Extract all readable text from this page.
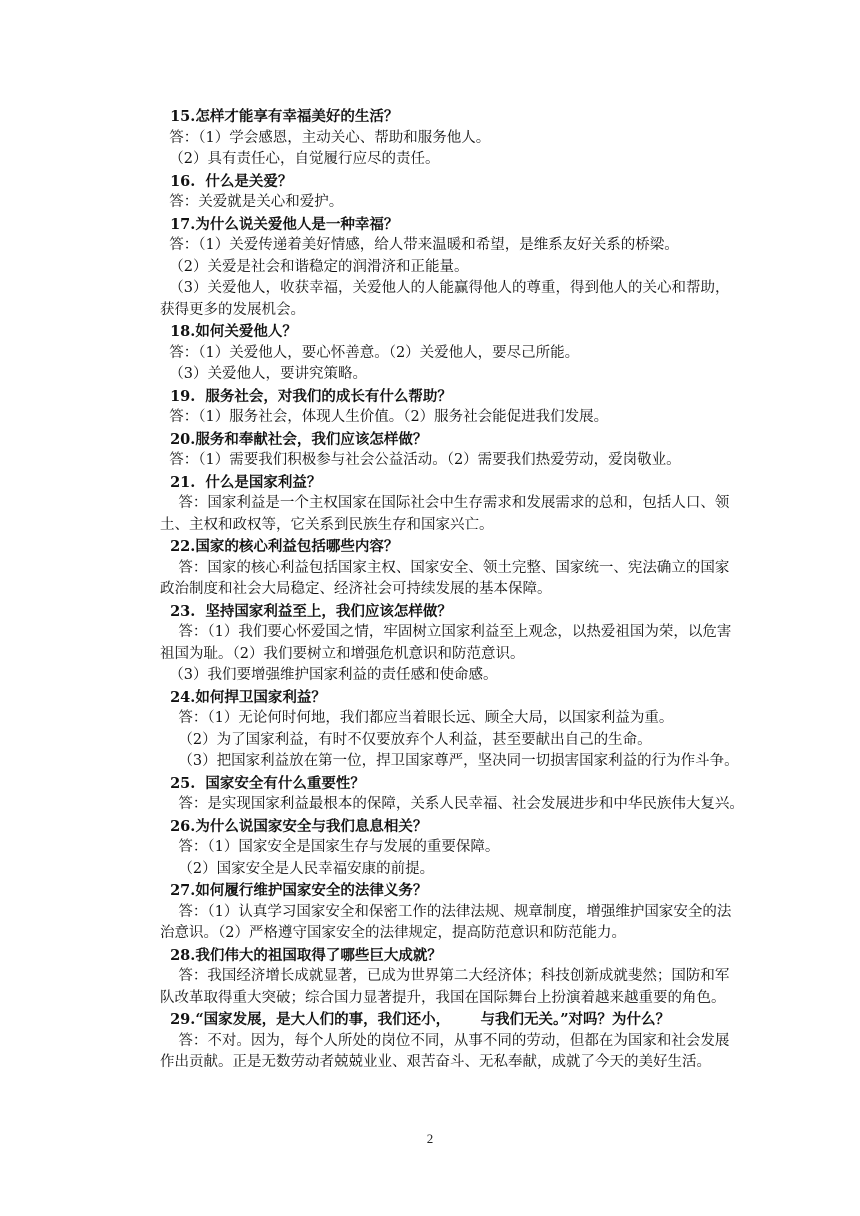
15.怎样才能享有幸福美好的生活？
答：（1）学会感恩，主动关心、帮助和服务他人。
（2）具有责任心，自觉履行应尽的责任。
16.  什么是关爱？
答：关爱就是关心和爱护。
17.为什么说关爱他人是一种幸福？
答：（1）关爱传递着美好情感，给人带来温暖和希望，是维系友好关系的桥梁。
（2）关爱是社会和谐稳定的润滑济和正能量。
（3）关爱他人，收获幸福，关爱他人的人能赢得他人的尊重，得到他人的关心和帮助，
获得更多的发展机会。
18.如何关爱他人？
答：（1）关爱他人，要心怀善意。（2）关爱他人，要尽己所能。
（3）关爱他人，要讲究策略。
19.  服务社会，对我们的成长有什么帮助？
答：（1）服务社会，体现人生价值。（2）服务社会能促进我们发展。
20.服务和奉献社会，我们应该怎样做？
答：（1）需要我们积极参与社会公益活动。（2）需要我们热爱劳动，爱岗敬业。
21.  什么是国家利益？
答：国家利益是一个主权国家在国际社会中生存需求和发展需求的总和，包括人口、领
土、主权和政权等，它关系到民族生存和国家兴亡。
22.国家的核心利益包括哪些内容？
答：国家的核心利益包括国家主权、国家安全、领土完整、国家统一、宪法确立的国家
政治制度和社会大局稳定、经济社会可持续发展的基本保障。
23.  坚持国家利益至上，我们应该怎样做？
答：（1）我们要心怀爱国之情，牢固树立国家利益至上观念，以热爱祖国为荣，以危害
祖国为耻。（2）我们要树立和增强危机意识和防范意识。
（3）我们要增强维护国家利益的责任感和使命感。
24.如何捍卫国家利益？
答：（1）无论何时何地，我们都应当着眼长远、顾全大局，以国家利益为重。
（2）为了国家利益，有时不仅要放弃个人利益，甚至要献出自己的生命。
（3）把国家利益放在第一位，捍卫国家尊严，坚决同一切损害国家利益的行为作斗争。
25.  国家安全有什么重要性？
答：是实现国家利益最根本的保障，关系人民幸福、社会发展进步和中华民族伟大复兴。
26.为什么说国家安全与我们息息相关？
答：（1）国家安全是国家生存与发展的重要保障。
（2）国家安全是人民幸福安康的前提。
27.如何履行维护国家安全的法律义务？
答：（1）认真学习国家安全和保密工作的法律法规、规章制度，增强维护国家安全的法
治意识。（2）严格遵守国家安全的法律规定，提高防范意识和防范能力。
28.我们伟大的祖国取得了哪些巨大成就？
答：我国经济增长成就显著，已成为世界第二大经济体；科技创新成就斐然；国防和军
队改革取得重大突破；综合国力显著提升，我国在国际舞台上扮演着越来越重要的角色。
29.“国家发展，是大人们的事，我们还小，      与我们无关。”对吗？为什么？
答：不对。因为，每个人所处的岗位不同，从事不同的劳动，但都在为国家和社会发展
作出贡献。正是无数劳动者兢兢业业、艰苦奋斗、无私奉献，成就了今天的美好生活。
2
